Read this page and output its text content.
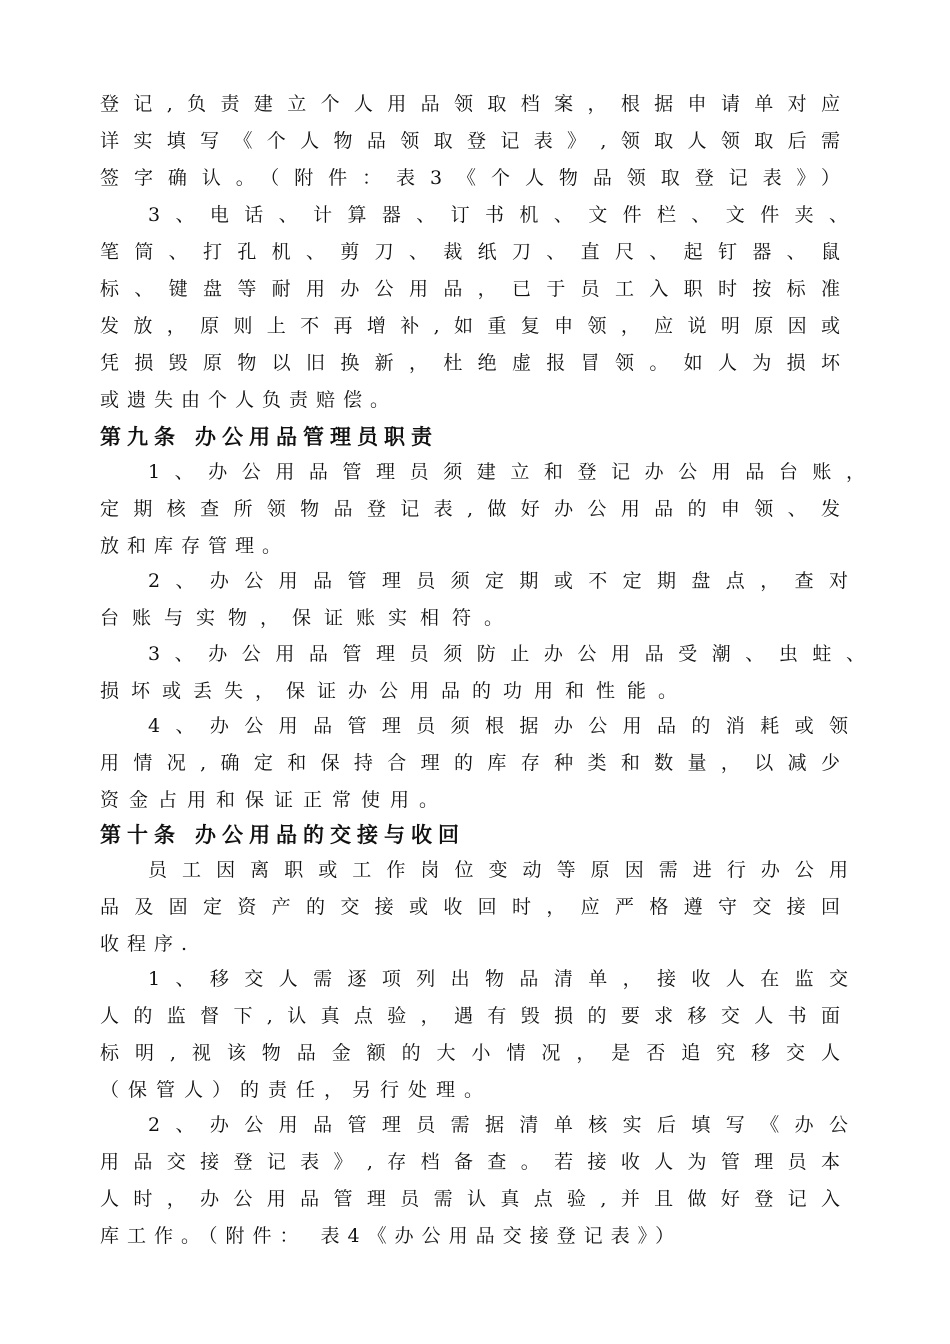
登记,负责建立个人用品领取档案，根据申请单对应
详实填写《个人物品领取登记表》,领取人领取后需
签字确认。（附件：表3《个人物品领取登记表》）
3、电话、计算器、订书机、文件栏、文件夹、
笔筒、打孔机、剪刀、裁纸刀、直尺、起钉器、鼠
标、键盘等耐用办公用品，已于员工入职时按标准
发放，原则上不再增补,如重复申领，应说明原因或
凭损毁原物以旧换新，杜绝虚报冒领。如人为损坏
或遗失由个人负责赔偿。
第九条 办公用品管理员职责
1、办公用品管理员须建立和登记办公用品台账，
定期核查所领物品登记表,做好办公用品的申领、发
放和库存管理。
2、办公用品管理员须定期或不定期盘点，查对
台账与实物，保证账实相符。
3、办公用品管理员须防止办公用品受潮、虫蛀、
损坏或丢失，保证办公用品的功用和性能。
4、办公用品管理员须根据办公用品的消耗或领
用情况,确定和保持合理的库存种类和数量，以减少
资金占用和保证正常使用。
第十条 办公用品的交接与收回
员工因离职或工作岗位变动等原因需进行办公用
品及固定资产的交接或收回时，应严格遵守交接回
收程序.
1、移交人需逐项列出物品清单，接收人在监交
人的监督下,认真点验，遇有毁损的要求移交人书面
标明,视该物品金额的大小情况，是否追究移交人
（保管人）的责任，另行处理。
2、办公用品管理员需据清单核实后填写《办公
用品交接登记表》,存档备查。若接收人为管理员本
人时，办公用品管理员需认真点验,并且做好登记入
库工作。（附件： 表4《办公用品交接登记表》）
